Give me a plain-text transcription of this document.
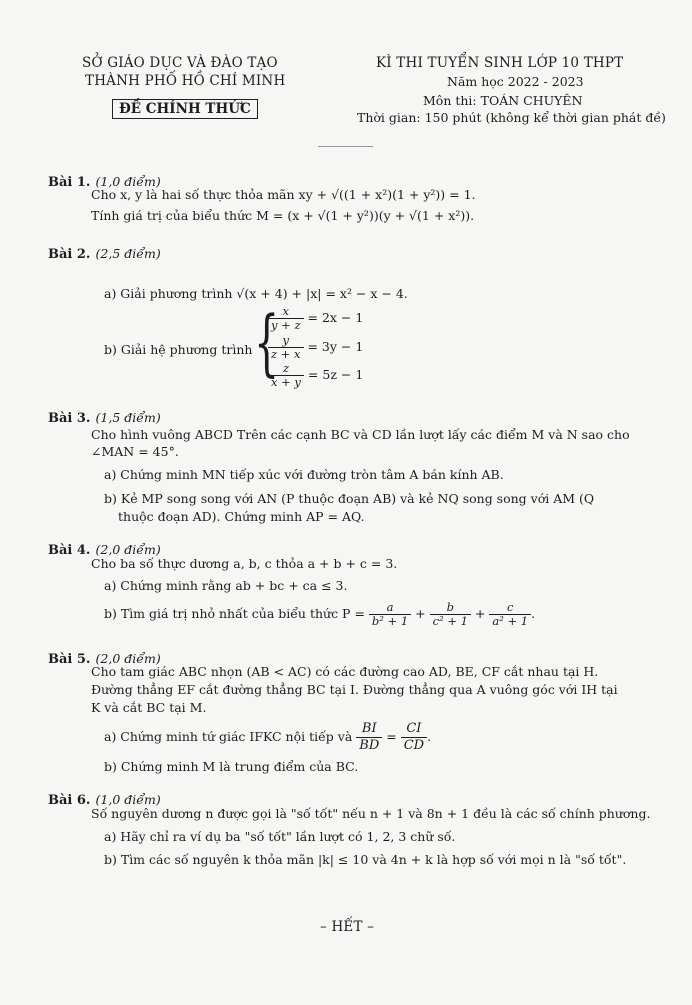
SỞ GIÁO DỤC VÀ ĐÀO TẠO
THÀNH PHỐ HỒ CHÍ MINH
ĐỀ CHÍNH THỨC
KÌ THI TUYỂN SINH LỚP 10 THPT
Năm học 2022 - 2023
Môn thi: TOÁN CHUYÊN
Thời gian: 150 phút (không kể thời gian phát đề)
Bài 1. (1,0 điểm)
Cho x, y là hai số thực thỏa mãn xy + √((1 + x²)(1 + y²)) = 1.
Tính giá trị của biểu thức M = (x + √(1 + y²))(y + √(1 + x²)).
Bài 2. (2,5 điểm)
a) Giải phương trình √(x + 4) + |x| = x² − x − 4.
b) Giải hệ phương trình {
$\frac{x}{y + z} = 2x - 1$
$\frac{y}{z + x} = 3y - 1$
$\frac{z}{x + y} = 5z - 1$
Bài 3. (1,5 điểm)
Cho hình vuông ABCD Trên các cạnh BC và CD lần lượt lấy các điểm M và N sao cho
∠MAN = 45°.
a) Chứng minh MN tiếp xúc với đường tròn tâm A bán kính AB.
b) Kẻ MP song song với AN (P thuộc đoạn AB) và kẻ NQ song song với AM (Q
thuộc đoạn AD). Chứng minh AP = AQ.
Bài 4. (2,0 điểm)
Cho ba số thực dương a, b, c thỏa a + b + c = 3.
a) Chứng minh rằng ab + bc + ca ≤ 3.
b) Tìm giá trị nhỏ nhất của biểu thức $P = \frac{a}{\text{b² + 1}} + \frac{b}{\text{c² + 1}} + \frac{c}{\text{a² + 1}}$ .
Bài 5. (2,0 điểm)
Cho tam giác ABC nhọn (AB < AC) có các đường cao AD, BE, CF cắt nhau tại H.
Đường thẳng EF cắt đường thẳng BC tại I. Đường thẳng qua A vuông góc với IH tại
K và cắt BC tại M.
a) Chứng minh tứ giác IFKC nội tiếp và $\frac{BI}{BD} = \frac{CI}{CD}$ .
b) Chứng minh M là trung điểm của BC.
Bài 6. (1,0 điểm)
Số nguyên dương n được gọi là "số tốt" nếu n + 1 và 8n + 1 đều là các số chính phương.
a) Hãy chỉ ra ví dụ ba "số tốt" lần lượt có 1, 2, 3 chữ số.
b) Tìm các số nguyên k thỏa mãn |k| ≤ 10 và 4n + k là hợp số với mọi n là "số tốt".
– HẾT –
